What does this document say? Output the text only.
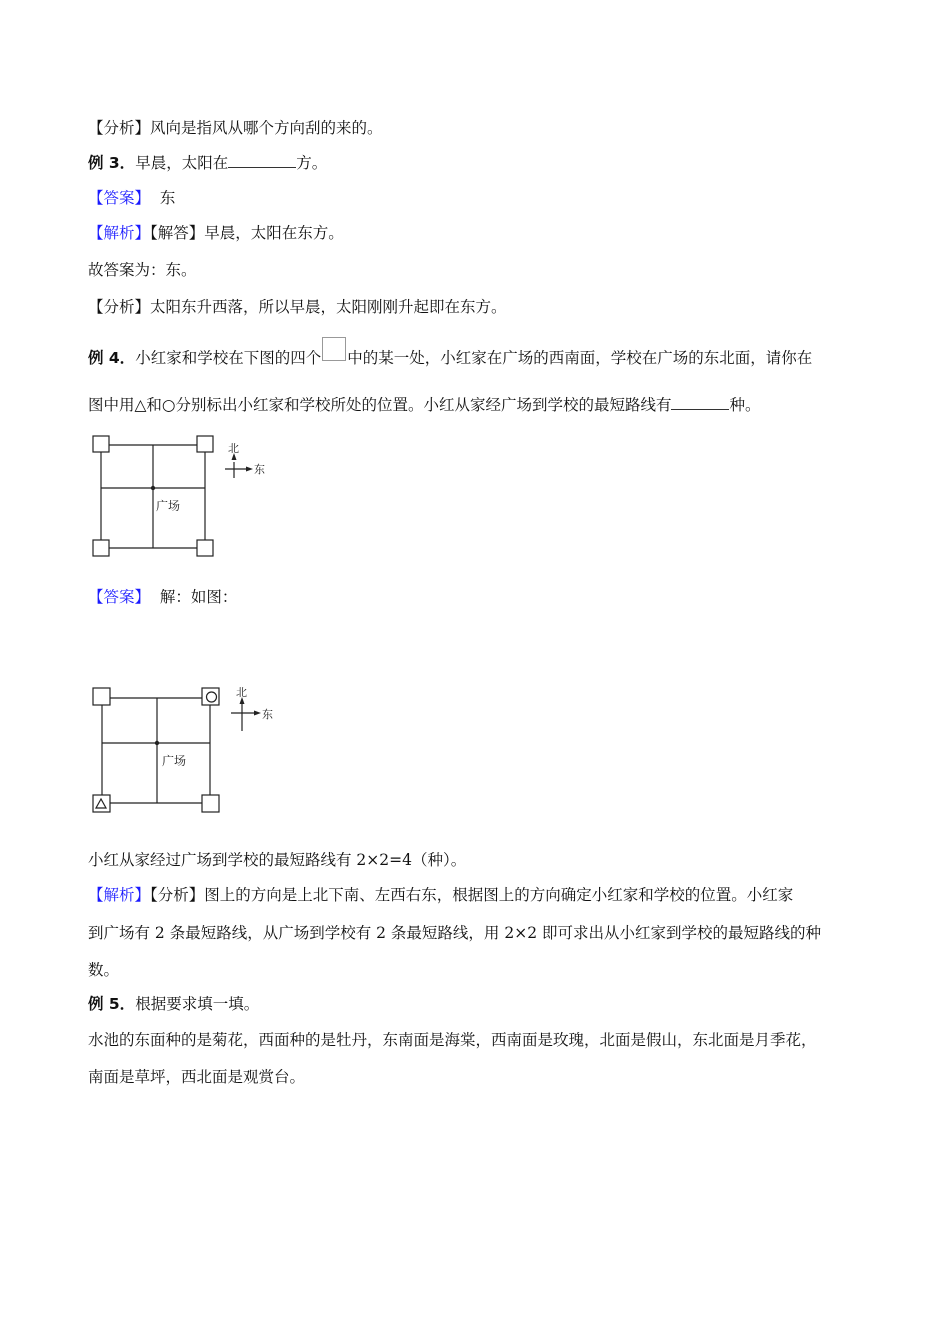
【分析】风向是指风从哪个方向刮的来的。
例 3．早晨，太阳在	方。
【答案】 东
【解析】【解答】早晨，太阳在东方。
故答案为：东。
【分析】太阳东升西落，所以早晨，太阳刚刚升起即在东方。
例 4．小红家和学校在下图的四个 中的某一处，小红家在广场的西南面，学校在广场的东北面，请你在
图中用△和○分别标出小红家和学校所处的位置。小红从家经广场到学校的最短路线有	种。
广场
北
东
【答案】 解：如图：
广场
北
东
小红从家经过广场到学校的最短路线有 2×2=4（种）。
【解析】【分析】图上的方向是上北下南、左西右东，根据图上的方向确定小红家和学校的位置。小红家
到广场有 2 条最短路线，从广场到学校有 2 条最短路线，用 2×2 即可求出从小红家到学校的最短路线的种
数。
例 5．根据要求填一填。
水池的东面种的是菊花，西面种的是牡丹，东南面是海棠，西南面是玫瑰，北面是假山，东北面是月季花，
南面是草坪，西北面是观赏台。
